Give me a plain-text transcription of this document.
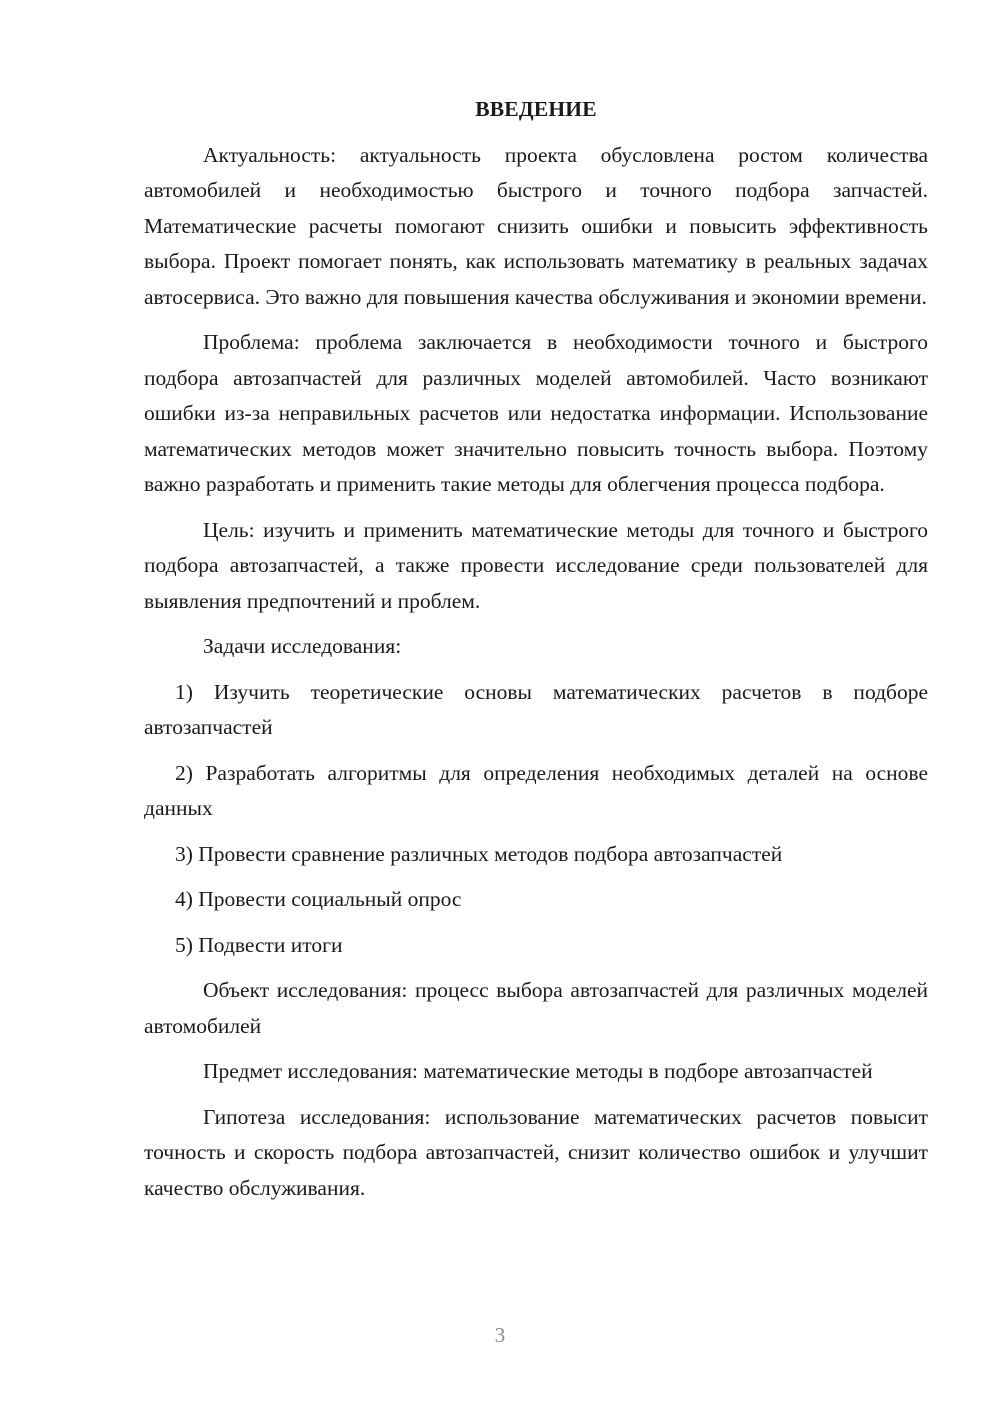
ВВЕДЕНИЕ

Актуальность: актуальность проекта обусловлена ростом количества автомобилей и необходимостью быстрого и точного подбора запчастей. Математические расчеты помогают снизить ошибки и повысить эффективность выбора. Проект помогает понять, как использовать математику в реальных задачах автосервиса. Это важно для повышения качества обслуживания и экономии времени.

Проблема: проблема заключается в необходимости точного и быстрого подбора автозапчастей для различных моделей автомобилей. Часто возникают ошибки из-за неправильных расчетов или недостатка информации. Использование математических методов может значительно повысить точность выбора. Поэтому важно разработать и применить такие методы для облегчения процесса подбора.

Цель: изучить и применить математические методы для точного и быстрого подбора автозапчастей, а также провести исследование среди пользователей для выявления предпочтений и проблем.

Задачи исследования:

1) Изучить теоретические основы математических расчетов в подборе автозапчастей

2) Разработать алгоритмы для определения необходимых деталей на основе данных

3) Провести сравнение различных методов подбора автозапчастей

4) Провести социальный опрос

5) Подвести итоги

Объект исследования: процесс выбора автозапчастей для различных моделей автомобилей

Предмет исследования: математические методы в подборе автозапчастей

Гипотеза исследования: использование математических расчетов повысит точность и скорость подбора автозапчастей, снизит количество ошибок и улучшит качество обслуживания.

3
